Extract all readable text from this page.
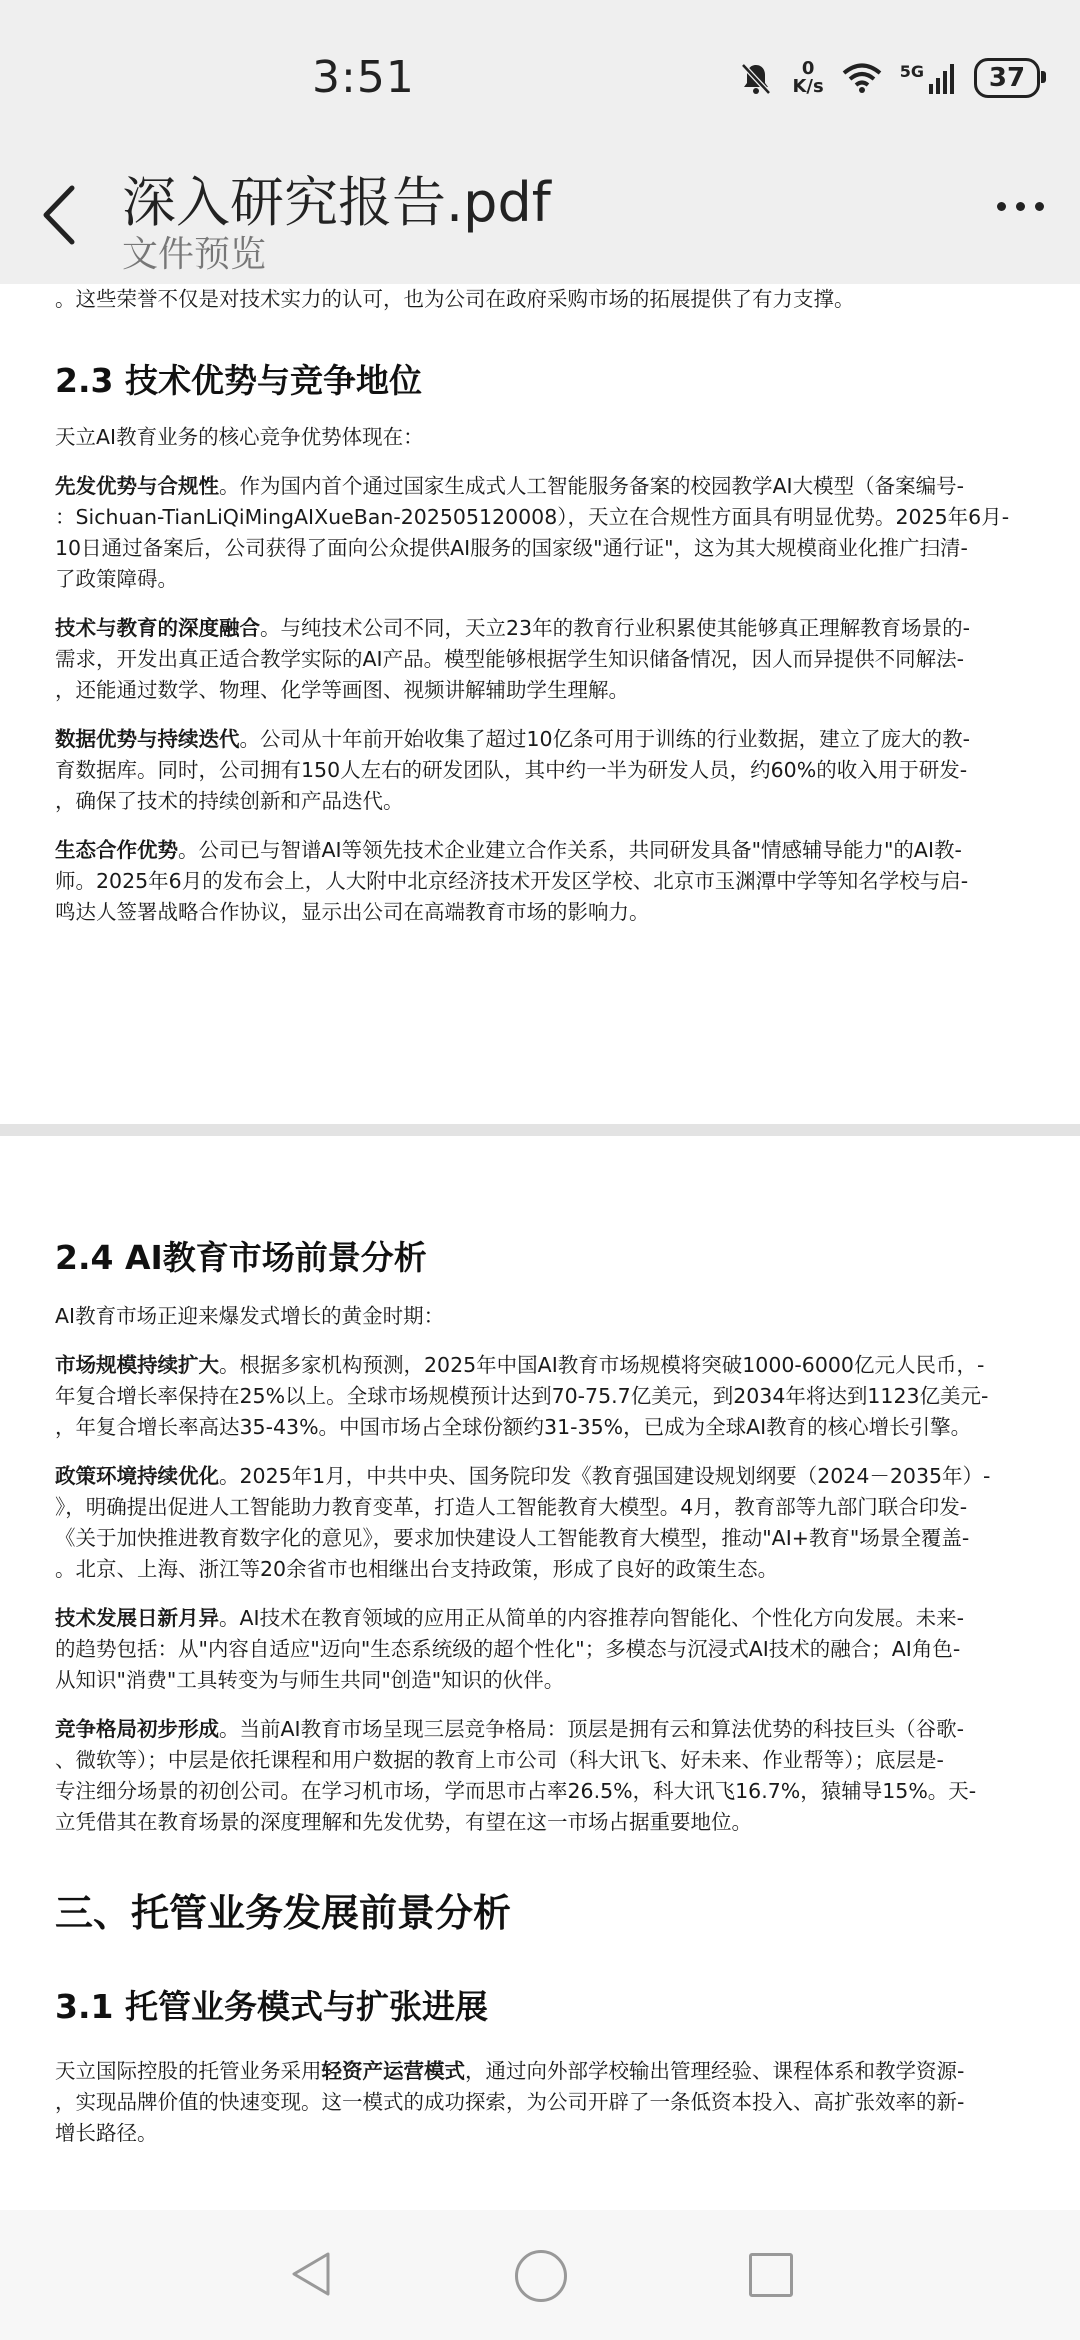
3:51	0
K/s
5G 37
深入研究报告.pdf
文件预览

。这些荣誉不仅是对技术实力的认可，也为公司在政府采购市场的拓展提供了有力支撑。

2.3 技术优势与竞争地位

天立AI教育业务的核心竞争优势体现在：

先发优势与合规性。作为国内首个通过国家生成式人工智能服务备案的校园教学AI大模型（备案编号-

：Sichuan-TianLiQiMingAIXueBan-202505120008），天立在合规性方面具有明显优势。2025年6月-

10日通过备案后，公司获得了面向公众提供AI服务的国家级"通行证"，这为其大规模商业化推广扫清-

了政策障碍。

技术与教育的深度融合。与纯技术公司不同，天立23年的教育行业积累使其能够真正理解教育场景的-

需求，开发出真正适合教学实际的AI产品。模型能够根据学生知识储备情况，因人而异提供不同解法-

，还能通过数学、物理、化学等画图、视频讲解辅助学生理解。

数据优势与持续迭代。公司从十年前开始收集了超过10亿条可用于训练的行业数据，建立了庞大的教-

育数据库。同时，公司拥有150人左右的研发团队，其中约一半为研发人员，约60%的收入用于研发-

，确保了技术的持续创新和产品迭代。

生态合作优势。公司已与智谱AI等领先技术企业建立合作关系，共同研发具备"情感辅导能力"的AI教-

师。2025年6月的发布会上，人大附中北京经济技术开发区学校、北京市玉渊潭中学等知名学校与启-

鸣达人签署战略合作协议，显示出公司在高端教育市场的影响力。

2.4 AI教育市场前景分析

AI教育市场正迎来爆发式增长的黄金时期：

市场规模持续扩大。根据多家机构预测，2025年中国AI教育市场规模将突破1000-6000亿元人民币，-

年复合增长率保持在25%以上。全球市场规模预计达到70-75.7亿美元，到2034年将达到1123亿美元-

，年复合增长率高达35-43%。中国市场占全球份额约31-35%，已成为全球AI教育的核心增长引擎。

政策环境持续优化。2025年1月，中共中央、国务院印发《教育强国建设规划纲要（2024－2035年）-

》，明确提出促进人工智能助力教育变革，打造人工智能教育大模型。4月，教育部等九部门联合印发-

《关于加快推进教育数字化的意见》，要求加快建设人工智能教育大模型，推动"AI+教育"场景全覆盖-

。北京、上海、浙江等20余省市也相继出台支持政策，形成了良好的政策生态。

技术发展日新月异。AI技术在教育领域的应用正从简单的内容推荐向智能化、个性化方向发展。未来-

的趋势包括：从"内容自适应"迈向"生态系统级的超个性化"；多模态与沉浸式AI技术的融合；AI角色-

从知识"消费"工具转变为与师生共同"创造"知识的伙伴。

竞争格局初步形成。当前AI教育市场呈现三层竞争格局：顶层是拥有云和算法优势的科技巨头（谷歌-

、微软等）；中层是依托课程和用户数据的教育上市公司（科大讯飞、好未来、作业帮等）；底层是-

专注细分场景的初创公司。在学习机市场，学而思市占率26.5%，科大讯飞16.7%，猿辅导15%。天-

立凭借其在教育场景的深度理解和先发优势，有望在这一市场占据重要地位。

三、托管业务发展前景分析
3.1 托管业务模式与扩张进展

天立国际控股的托管业务采用轻资产运营模式，通过向外部学校输出管理经验、课程体系和教学资源-

，实现品牌价值的快速变现。这一模式的成功探索，为公司开辟了一条低资本投入、高扩张效率的新-

增长路径。
